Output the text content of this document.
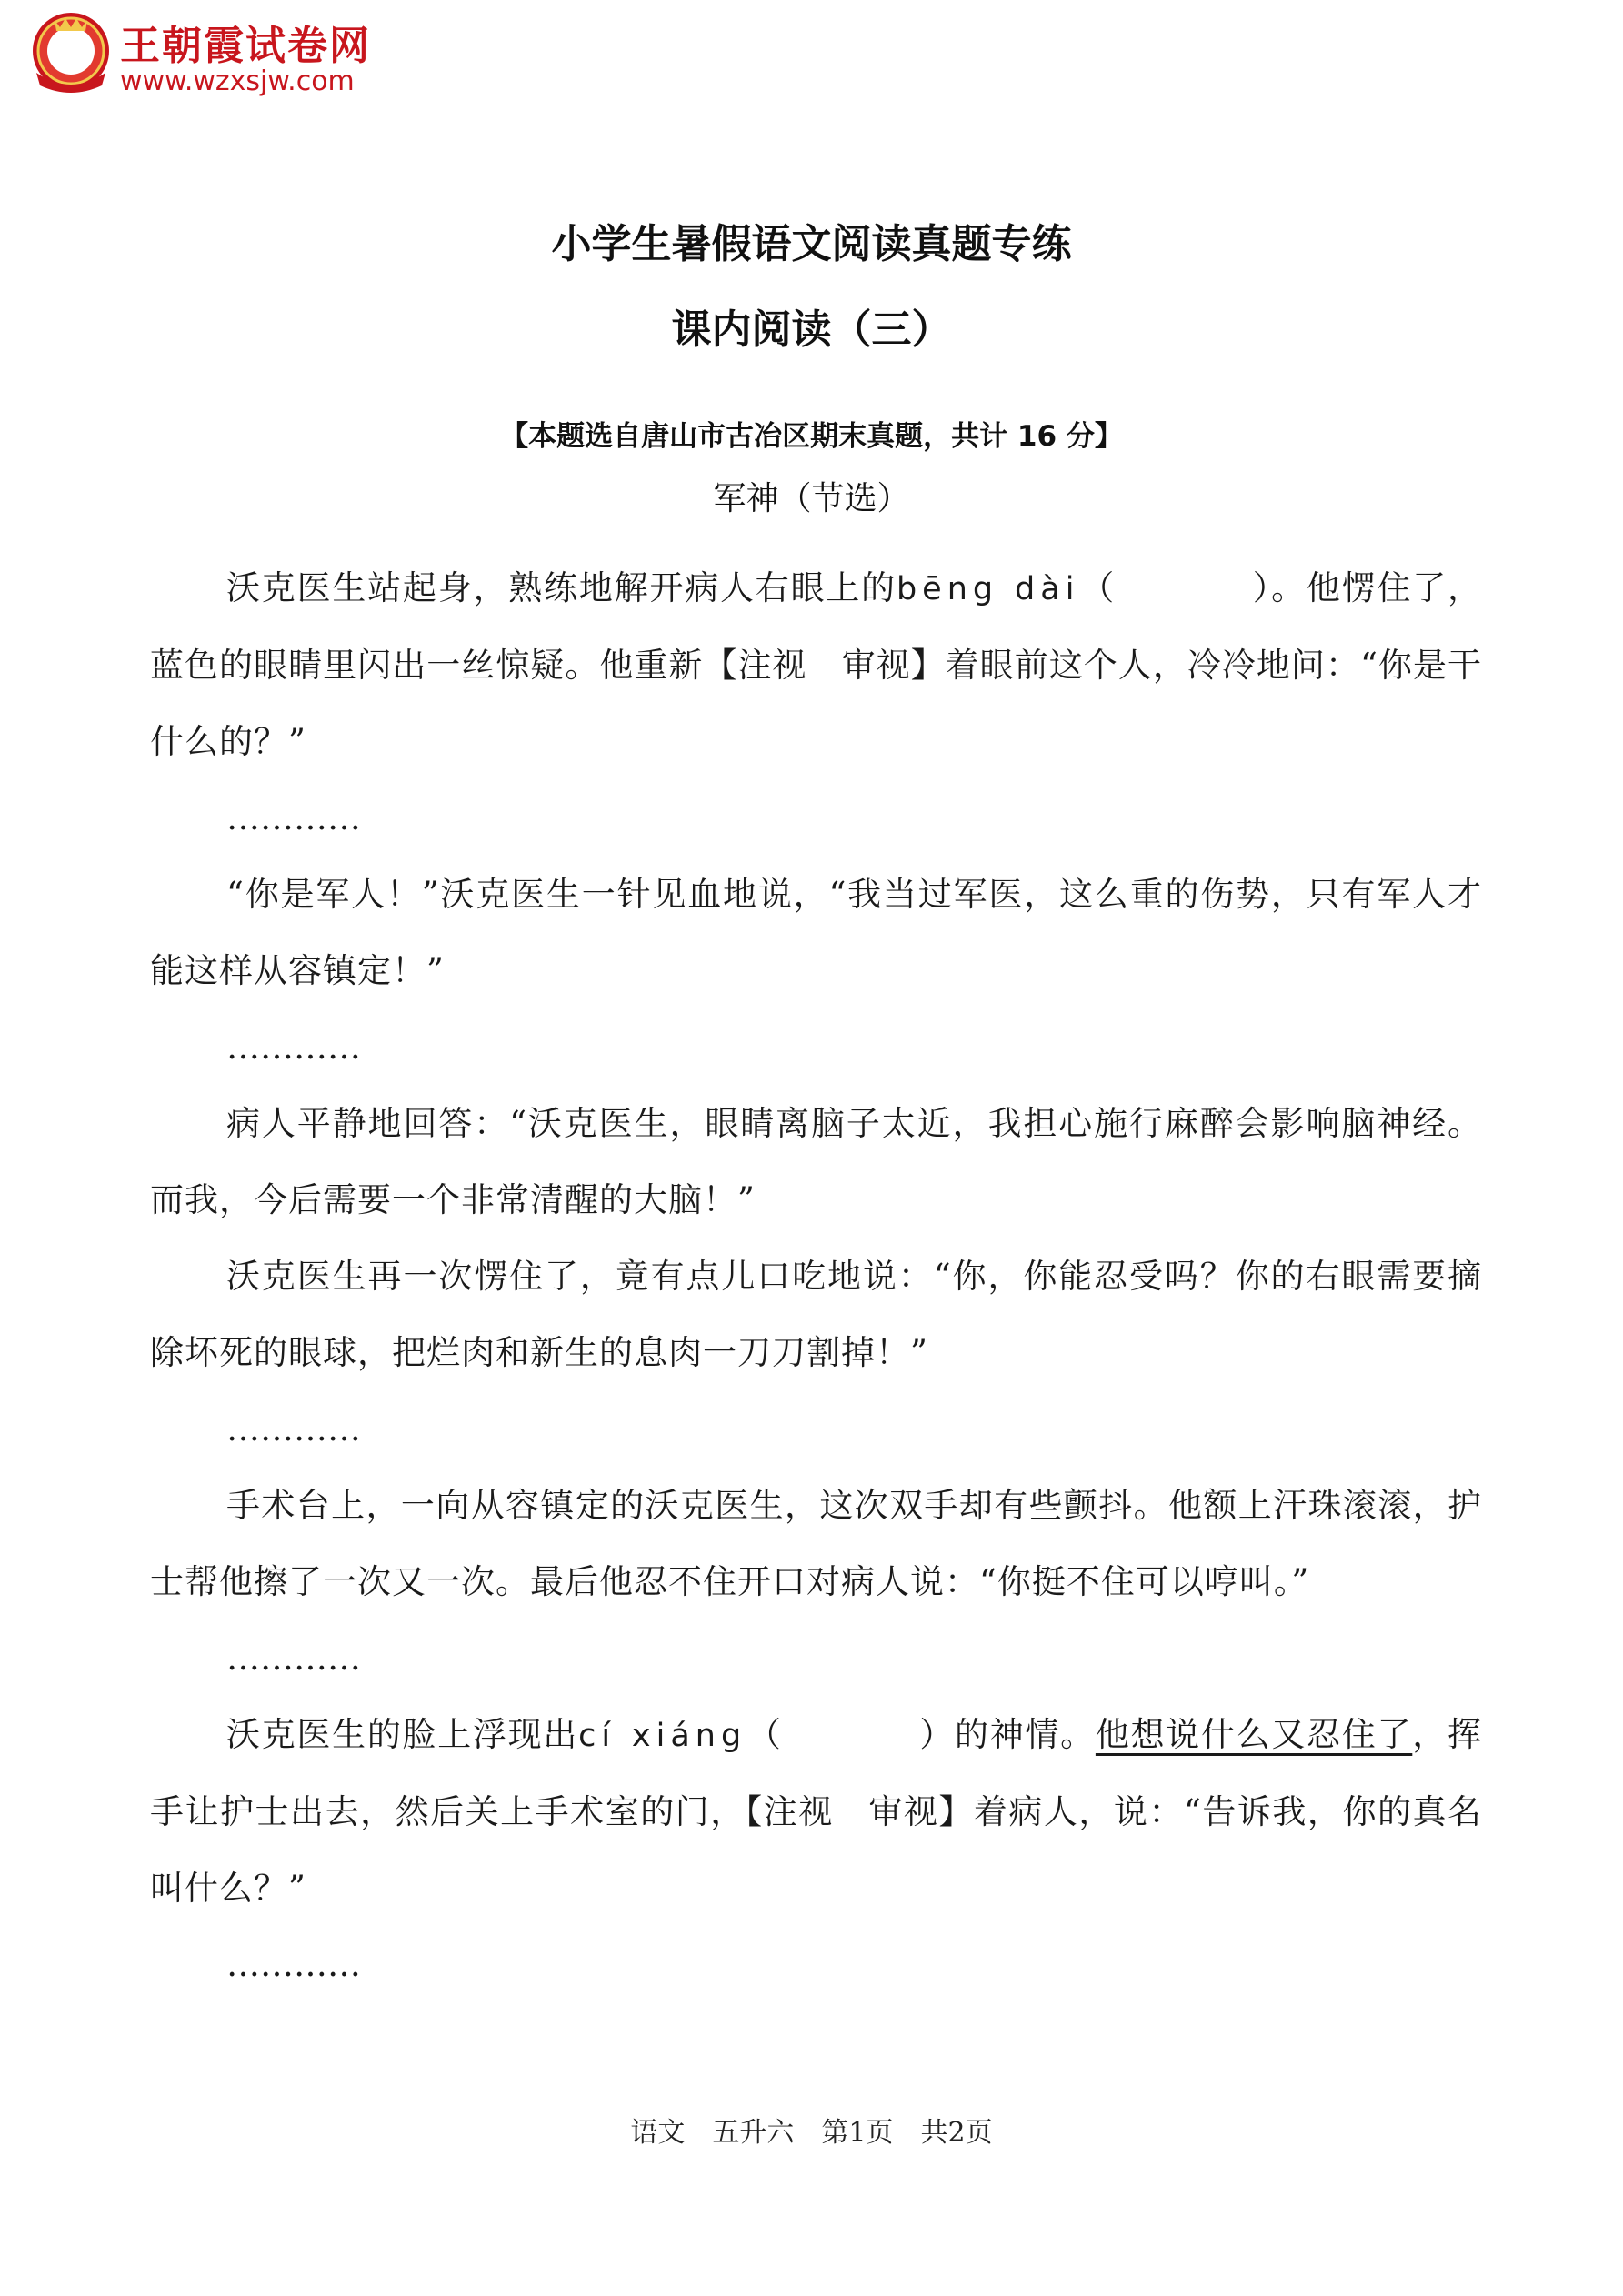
王朝霞试卷网
www.wzxsjw.com
小学生暑假语文阅读真题专练
课内阅读（三）
【本题选自唐山市古冶区期末真题，共计 16 分】
军神（节选）

沃克医生站起身，熟练地解开病人右眼上的bēng dài（	）。他愣住了，蓝色的眼睛里闪出一丝惊疑。他重新【注视　审视】着眼前这个人，冷冷地问：“你是干什么的？”

…………

“你是军人！”沃克医生一针见血地说，“我当过军医，这么重的伤势，只有军人才能这样从容镇定！”

…………

病人平静地回答：“沃克医生，眼睛离脑子太近，我担心施行麻醉会影响脑神经。而我，今后需要一个非常清醒的大脑！”

沃克医生再一次愣住了，竟有点儿口吃地说：“你，你能忍受吗？你的右眼需要摘除坏死的眼球，把烂肉和新生的息肉一刀刀割掉！”

…………

手术台上，一向从容镇定的沃克医生，这次双手却有些颤抖。他额上汗珠滚滚，护士帮他擦了一次又一次。最后他忍不住开口对病人说：“你挺不住可以哼叫。”

…………

沃克医生的脸上浮现出cí xiáng（	）的神情。他想说什么又忍住了，挥手让护士出去，然后关上手术室的门，【注视　审视】着病人，说：“告诉我，你的真名叫什么？”

…………

语文　五升六　第1页　共2页
